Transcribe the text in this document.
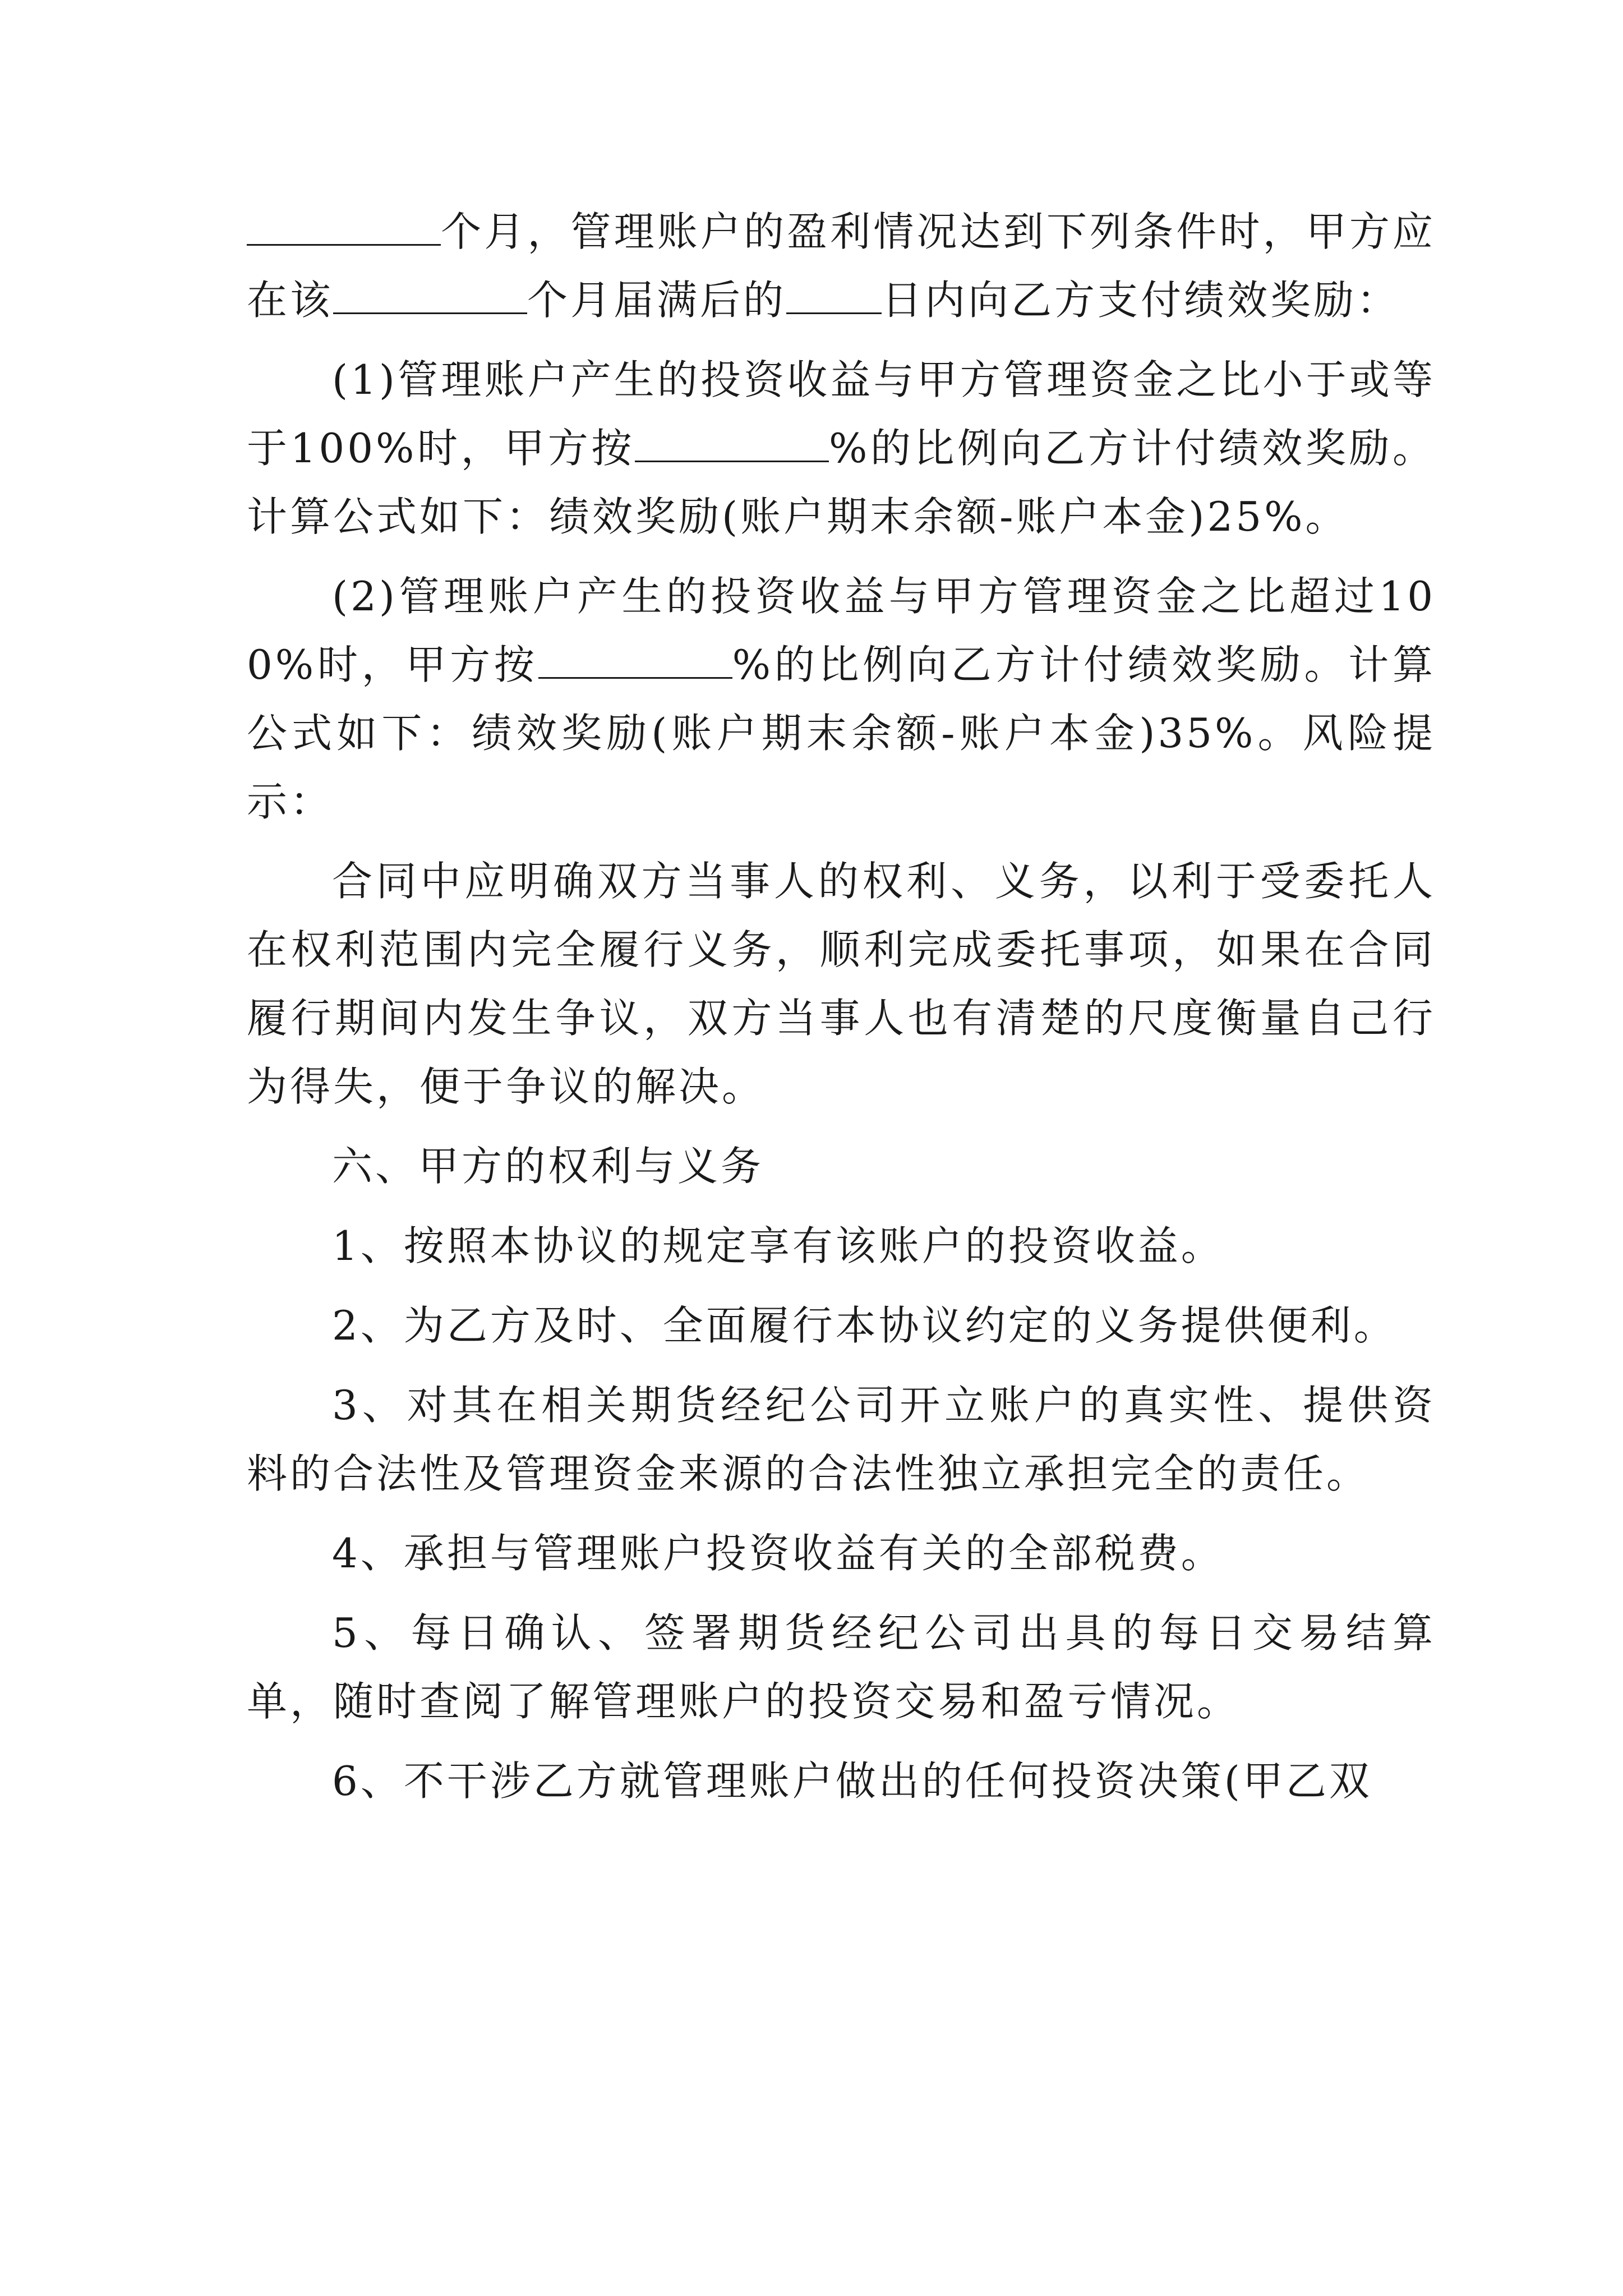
个月，管理账户的盈利情况达到下列条件时，甲方应在该	个月届满后的 日内向乙方支付绩效奖励：

(1)管理账户产生的投资收益与甲方管理资金之比小于或等于100%时，甲方按	%的比例向乙方计付绩效奖励。计算公式如下：绩效奖励(账户期末余额-账户本金)25%。

(2)管理账户产生的投资收益与甲方管理资金之比超过100%时，甲方按	%的比例向乙方计付绩效奖励。计算公式如下：绩效奖励(账户期末余额-账户本金)35%。风险提示：

合同中应明确双方当事人的权利、义务，以利于受委托人在权利范围内完全履行义务，顺利完成委托事项，如果在合同履行期间内发生争议，双方当事人也有清楚的尺度衡量自己行为得失，便于争议的解决。

六、甲方的权利与义务

1、按照本协议的规定享有该账户的投资收益。

2、为乙方及时、全面履行本协议约定的义务提供便利。

3、对其在相关期货经纪公司开立账户的真实性、提供资料的合法性及管理资金来源的合法性独立承担完全的责任。

4、承担与管理账户投资收益有关的全部税费。

5、每日确认、签署期货经纪公司出具的每日交易结算单，随时查阅了解管理账户的投资交易和盈亏情况。

6、不干涉乙方就管理账户做出的任何投资决策(甲乙双
